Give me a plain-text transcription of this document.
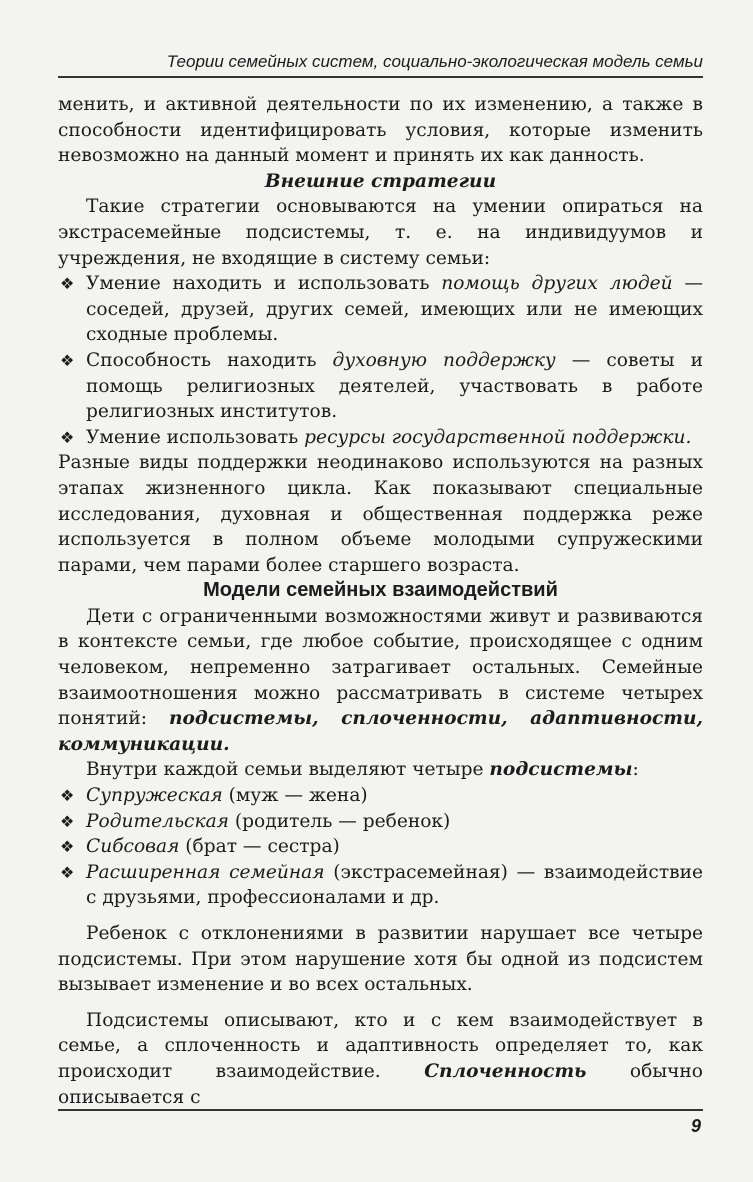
Теории семейных систем, социально-экологическая модель семьи

менить, и активной деятельности по их изменению, а также в способности идентифицировать условия, которые изменить невозможно на данный момент и принять их как данность.

Внешние стратегии

Такие стратегии основываются на умении опираться на экстрасемейные подсистемы, т. е. на индивидуумов и учреждения, не входящие в систему семьи:

❖ Умение находить и использовать помощь других людей — соседей, друзей, других семей, имеющих или не имеющих сходные проблемы.
❖ Способность находить духовную поддержку — советы и помощь религиозных деятелей, участвовать в работе религиозных институтов.
❖ Умение использовать ресурсы государственной поддержки.

Разные виды поддержки неодинаково используются на разных этапах жизненного цикла. Как показывают специальные исследования, духовная и общественная поддержка реже используется в полном объеме молодыми супружескими парами, чем парами более старшего возраста.

Модели семейных взаимодействий

Дети с ограниченными возможностями живут и развиваются в контексте семьи, где любое событие, происходящее с одним человеком, непременно затрагивает остальных. Семейные взаимоотношения можно рассматривать в системе четырех понятий: подсистемы, сплоченности, адаптивности, коммуникации.

Внутри каждой семьи выделяют четыре подсистемы:

❖ Супружеская (муж — жена)
❖ Родительская (родитель — ребенок)
❖ Сибсовая (брат — сестра)
❖ Расширенная семейная (экстрасемейная) — взаимодействие с друзьями, профессионалами и др.

Ребенок с отклонениями в развитии нарушает все четыре подсистемы. При этом нарушение хотя бы одной из подсистем вызывает изменение и во всех остальных.

Подсистемы описывают, кто и с кем взаимодействует в семье, а сплоченность и адаптивность определяет то, как происходит взаимодействие. Сплоченность обычно описывается с

9
